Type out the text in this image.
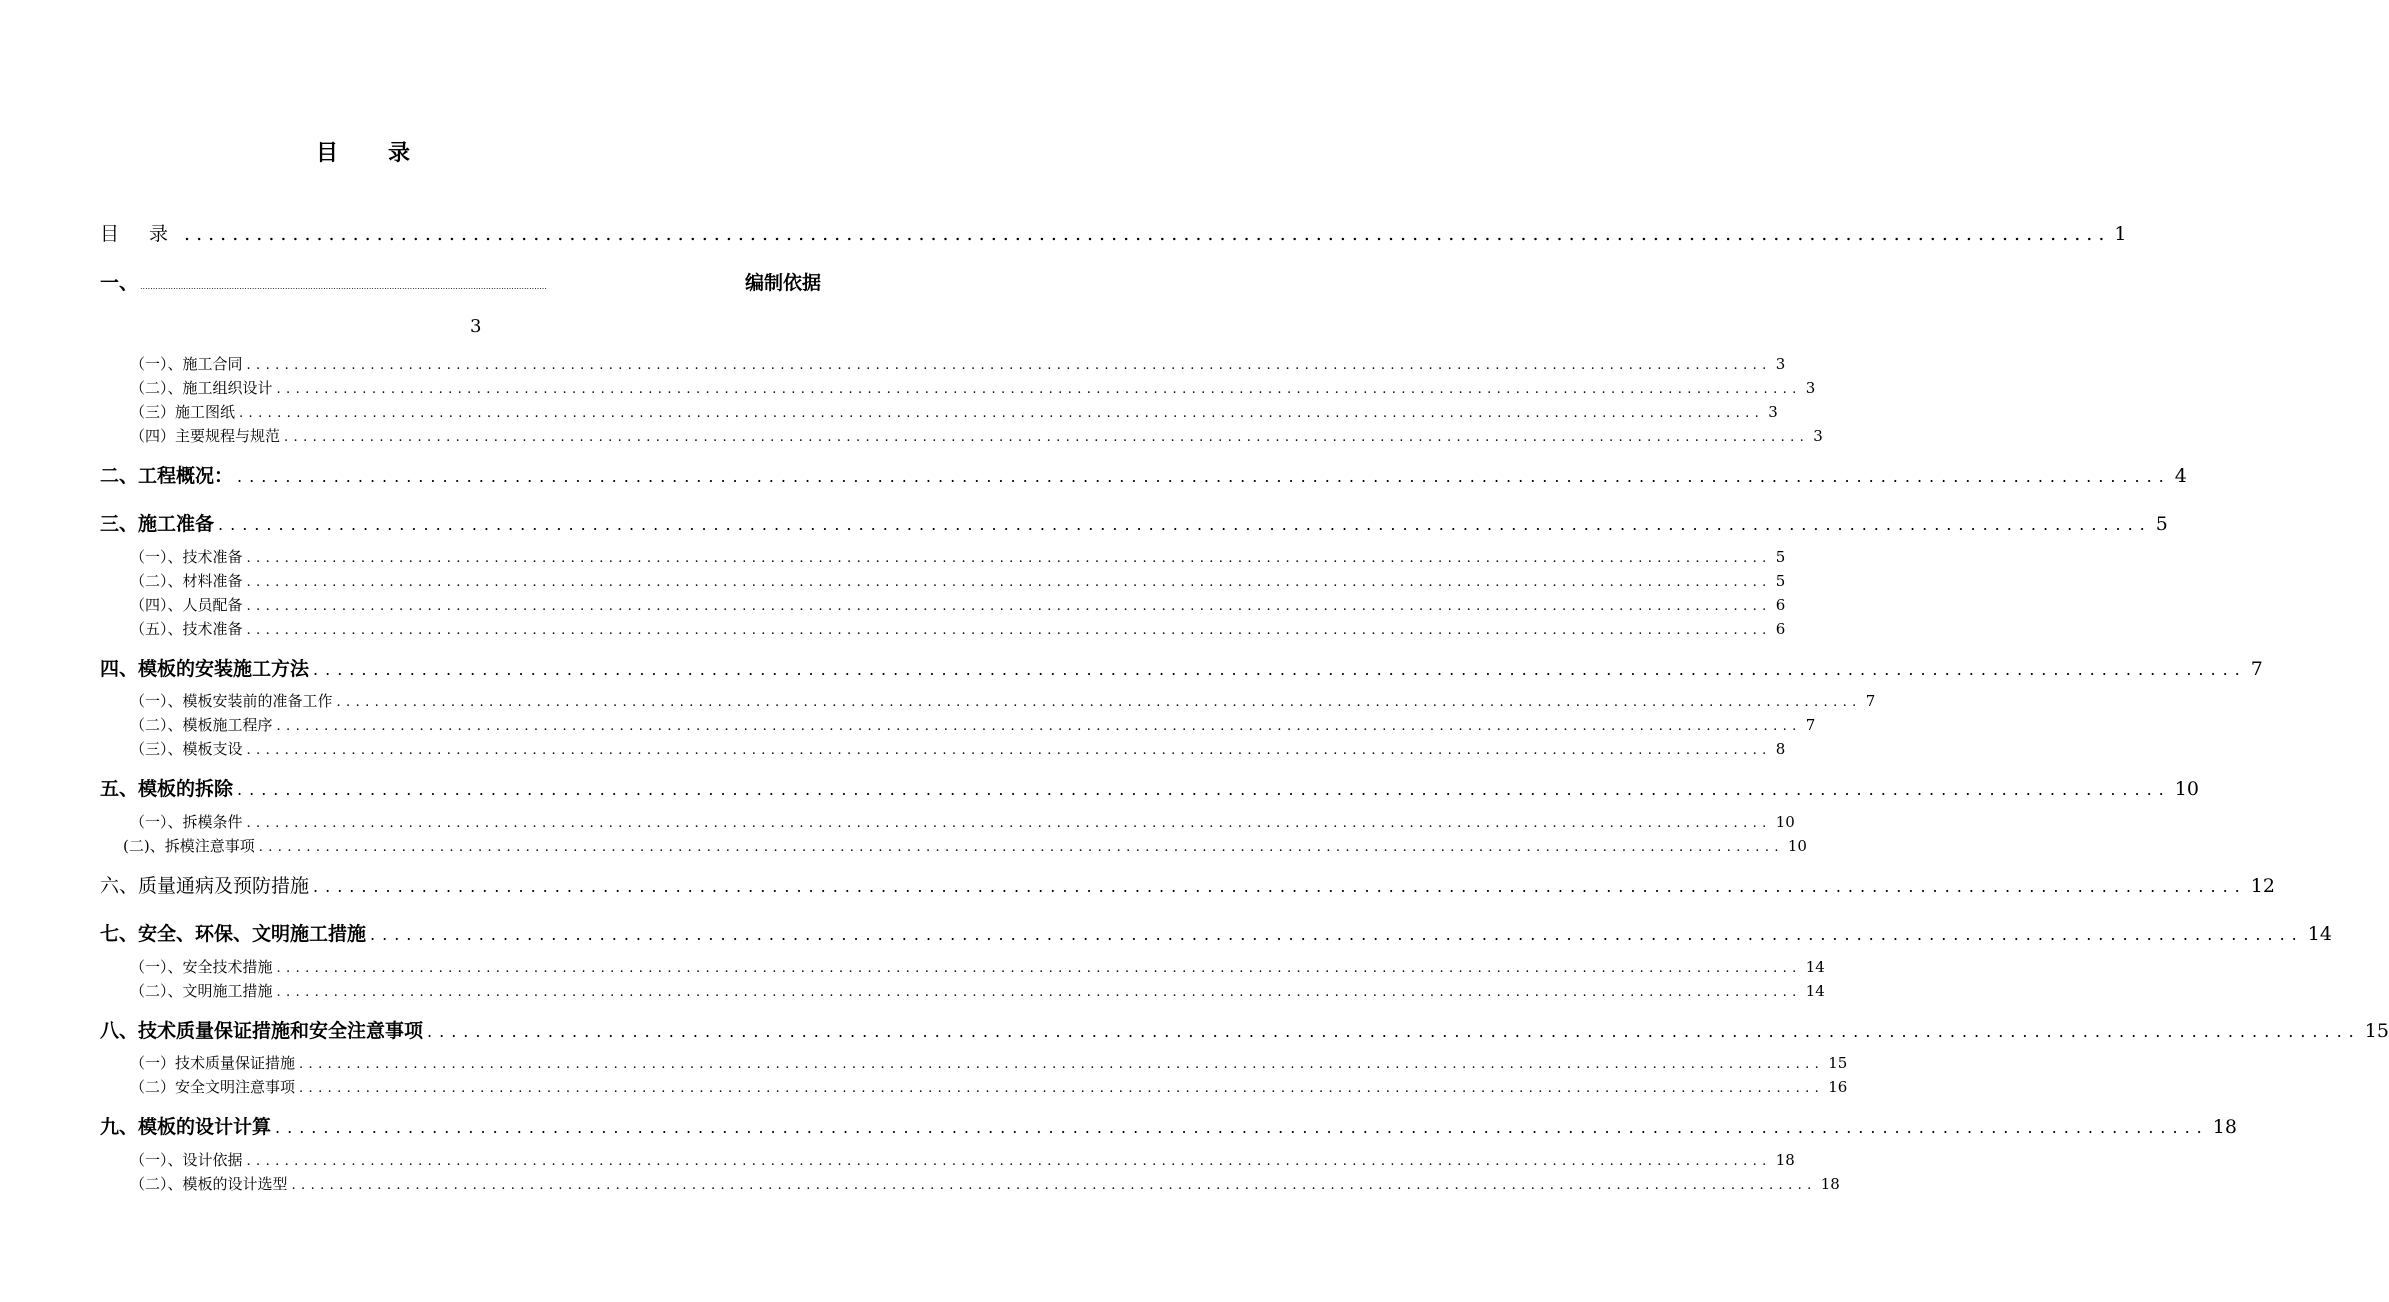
目　录
目 录 ................................................................................................................................................................ 1
一、 ................................................................................................................................................................	编制依据
3
（一）、施工合同 ................................................................................................................................................................ 3
（二）、施工组织设计 ................................................................................................................................................................ 3
（三）施工图纸 ................................................................................................................................................................ 3
（四）主要规程与规范 ................................................................................................................................................................ 3
二、工程概况： ................................................................................................................................................................ 4
三、施工准备 ................................................................................................................................................................ 5
（一）、技术准备 ................................................................................................................................................................ 5
（二）、材料准备 ................................................................................................................................................................ 5
（四）、人员配备 ................................................................................................................................................................ 6
（五）、技术准备 ................................................................................................................................................................ 6
四、模板的安装施工方法 ................................................................................................................................................................ 7
（一）、模板安装前的准备工作 ................................................................................................................................................................ 7
（二）、模板施工程序 ................................................................................................................................................................ 7
（三）、模板支设 ................................................................................................................................................................ 8
五、模板的拆除 ................................................................................................................................................................ 10
（一）、拆模条件 ................................................................................................................................................................ 10
(二)、拆模注意事项 ................................................................................................................................................................ 10
六、质量通病及预防措施 ................................................................................................................................................................ 12
七、安全、环保、文明施工措施 ................................................................................................................................................................ 14
（一）、安全技术措施 ................................................................................................................................................................ 14
（二）、文明施工措施 ................................................................................................................................................................ 14
八、技术质量保证措施和安全注意事项 ................................................................................................................................................................ 15
（一）技术质量保证措施 ................................................................................................................................................................ 15
（二）安全文明注意事项 ................................................................................................................................................................ 16
九、模板的设计计算 ................................................................................................................................................................ 18
（一）、设计依据 ................................................................................................................................................................ 18
（二）、模板的设计选型 ................................................................................................................................................................ 18
